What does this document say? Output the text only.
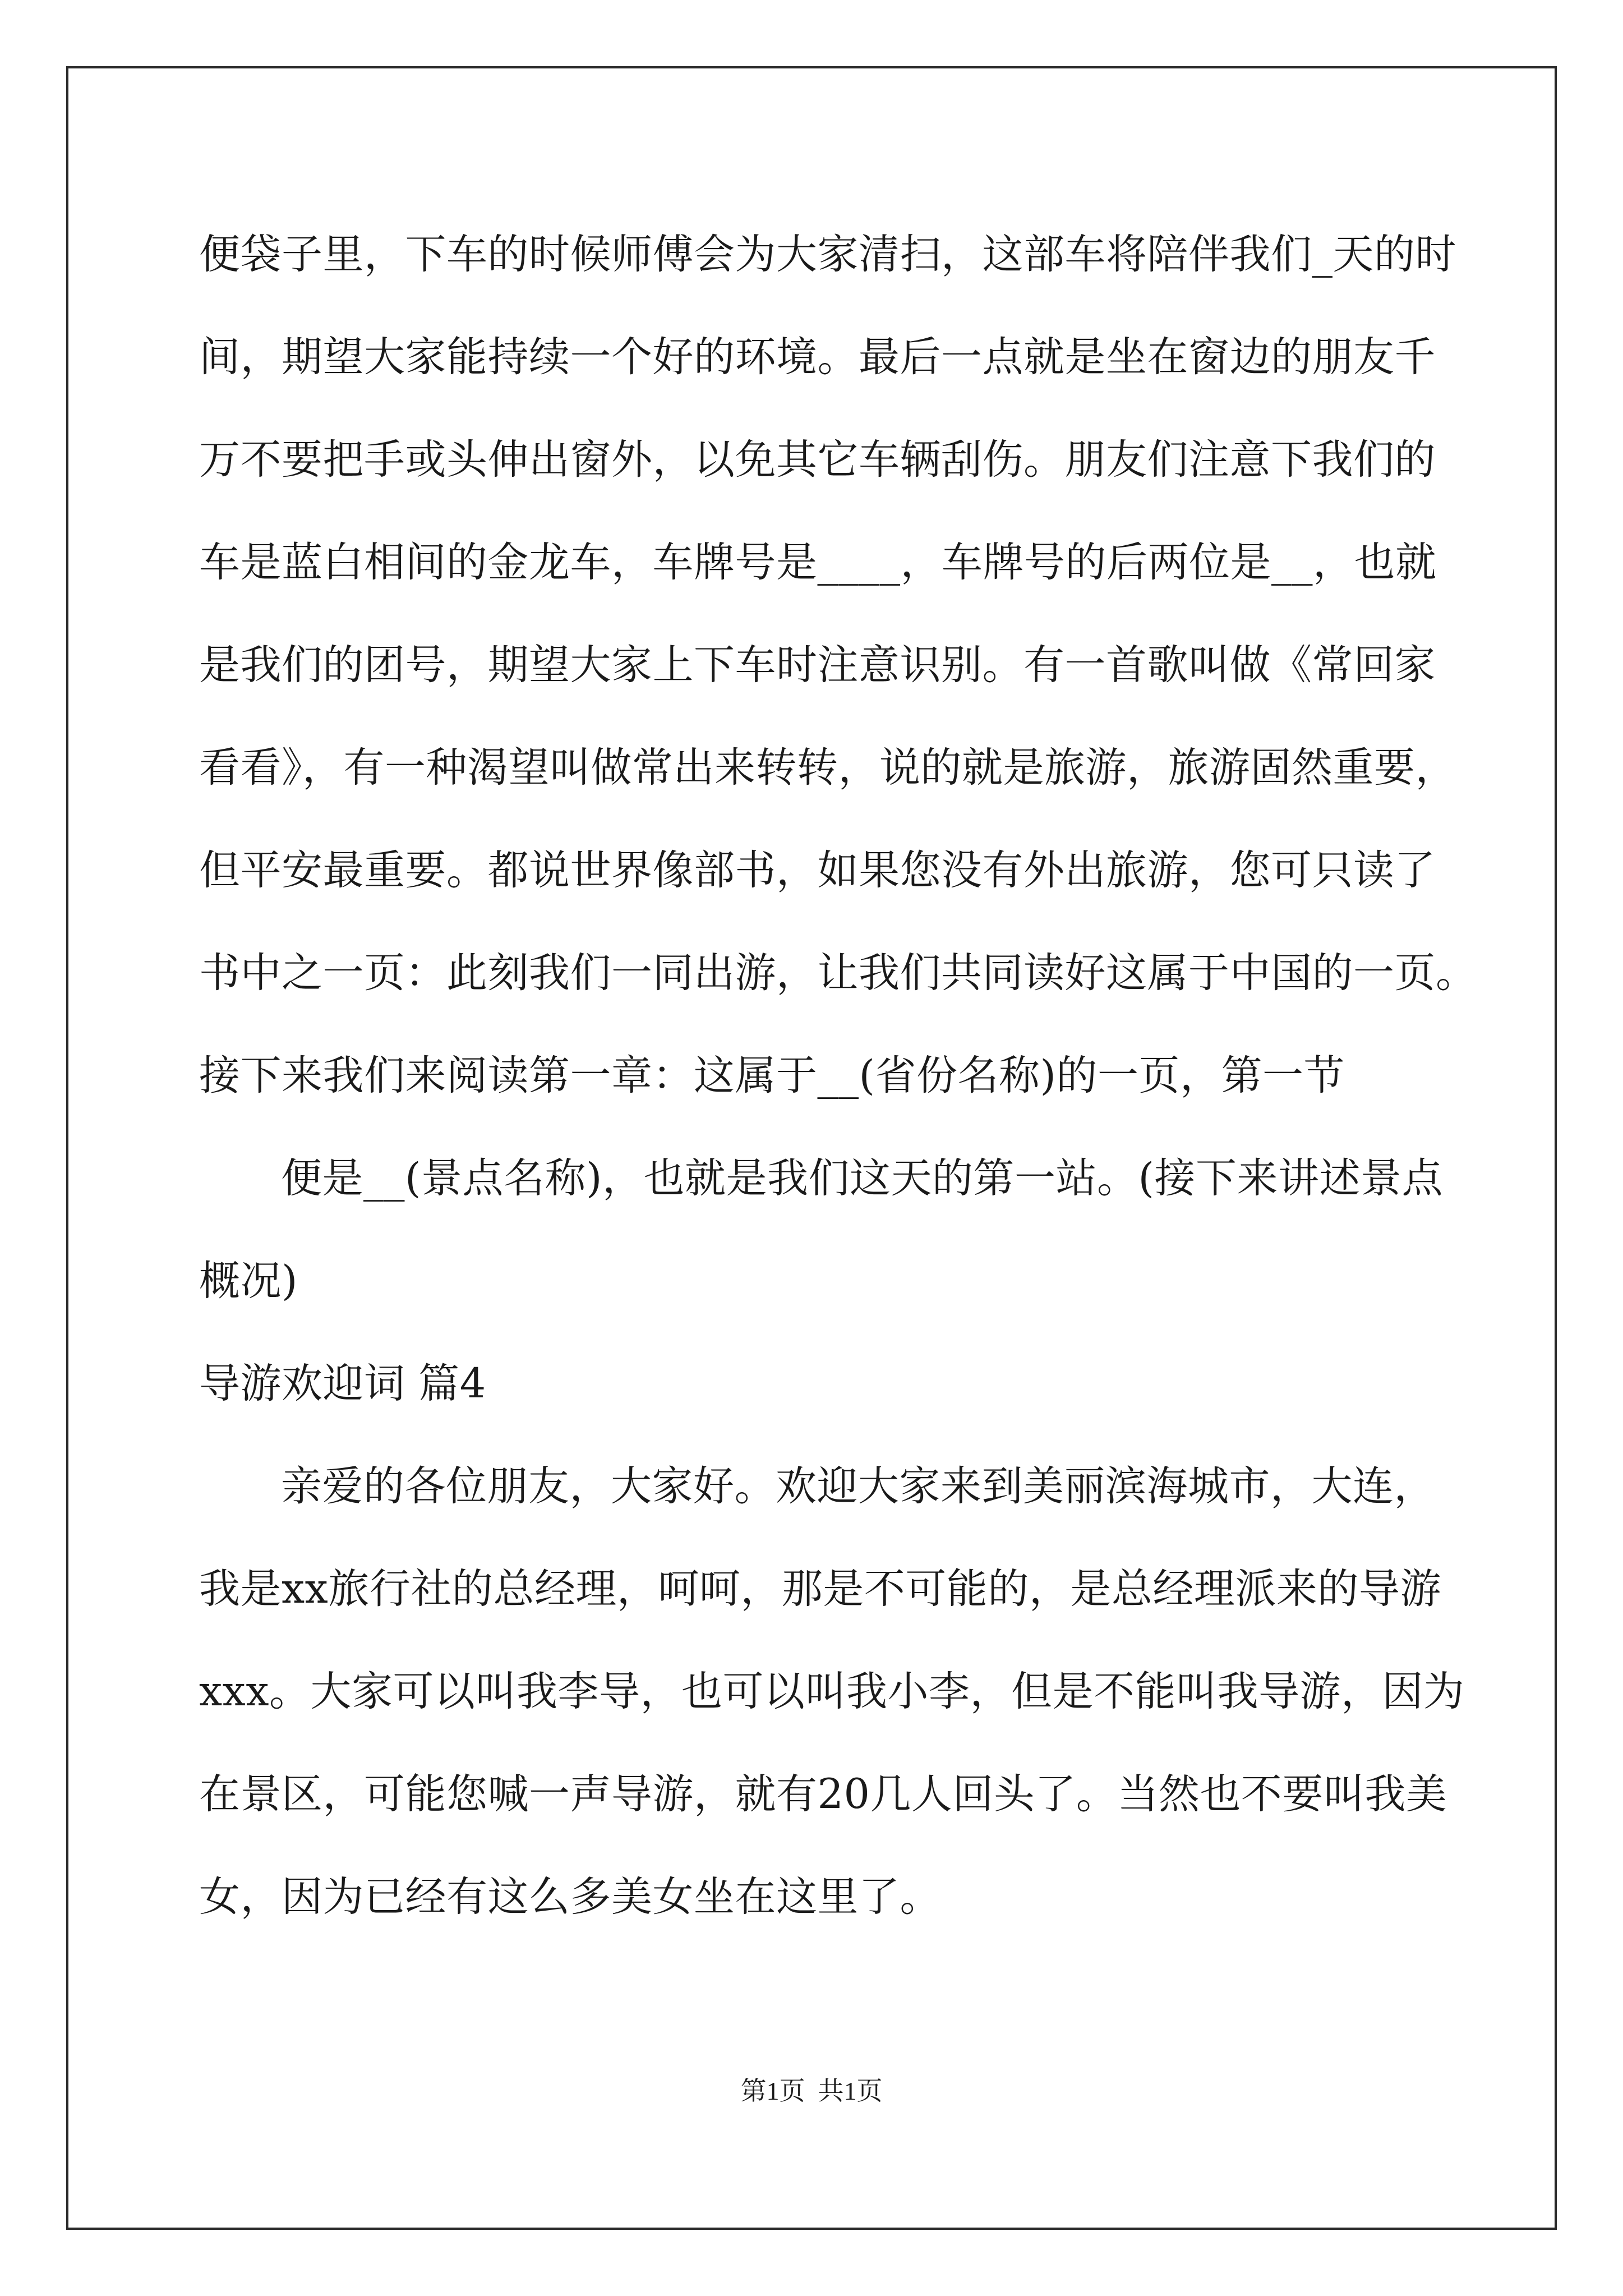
便袋子里，下车的时候师傅会为大家清扫，这部车将陪伴我们_天的时
间，期望大家能持续一个好的环境。最后一点就是坐在窗边的朋友千
万不要把手或头伸出窗外，以免其它车辆刮伤。朋友们注意下我们的
车是蓝白相间的金龙车，车牌号是____，车牌号的后两位是__，也就
是我们的团号，期望大家上下车时注意识别。有一首歌叫做《常回家
看看》，有一种渴望叫做常出来转转，说的就是旅游，旅游固然重要，
但平安最重要。都说世界像部书，如果您没有外出旅游，您可只读了
书中之一页：此刻我们一同出游，让我们共同读好这属于中国的一页。
接下来我们来阅读第一章：这属于__(省份名称)的一页，第一节
便是__(景点名称)，也就是我们这天的第一站。(接下来讲述景点
概况)
导游欢迎词 篇4
亲爱的各位朋友，大家好。欢迎大家来到美丽滨海城市，大连，
我是xx旅行社的总经理，呵呵，那是不可能的，是总经理派来的导游
xxx。大家可以叫我李导，也可以叫我小李，但是不能叫我导游，因为
在景区，可能您喊一声导游，就有20几人回头了。当然也不要叫我美
女，因为已经有这么多美女坐在这里了。
第1页  共1页
